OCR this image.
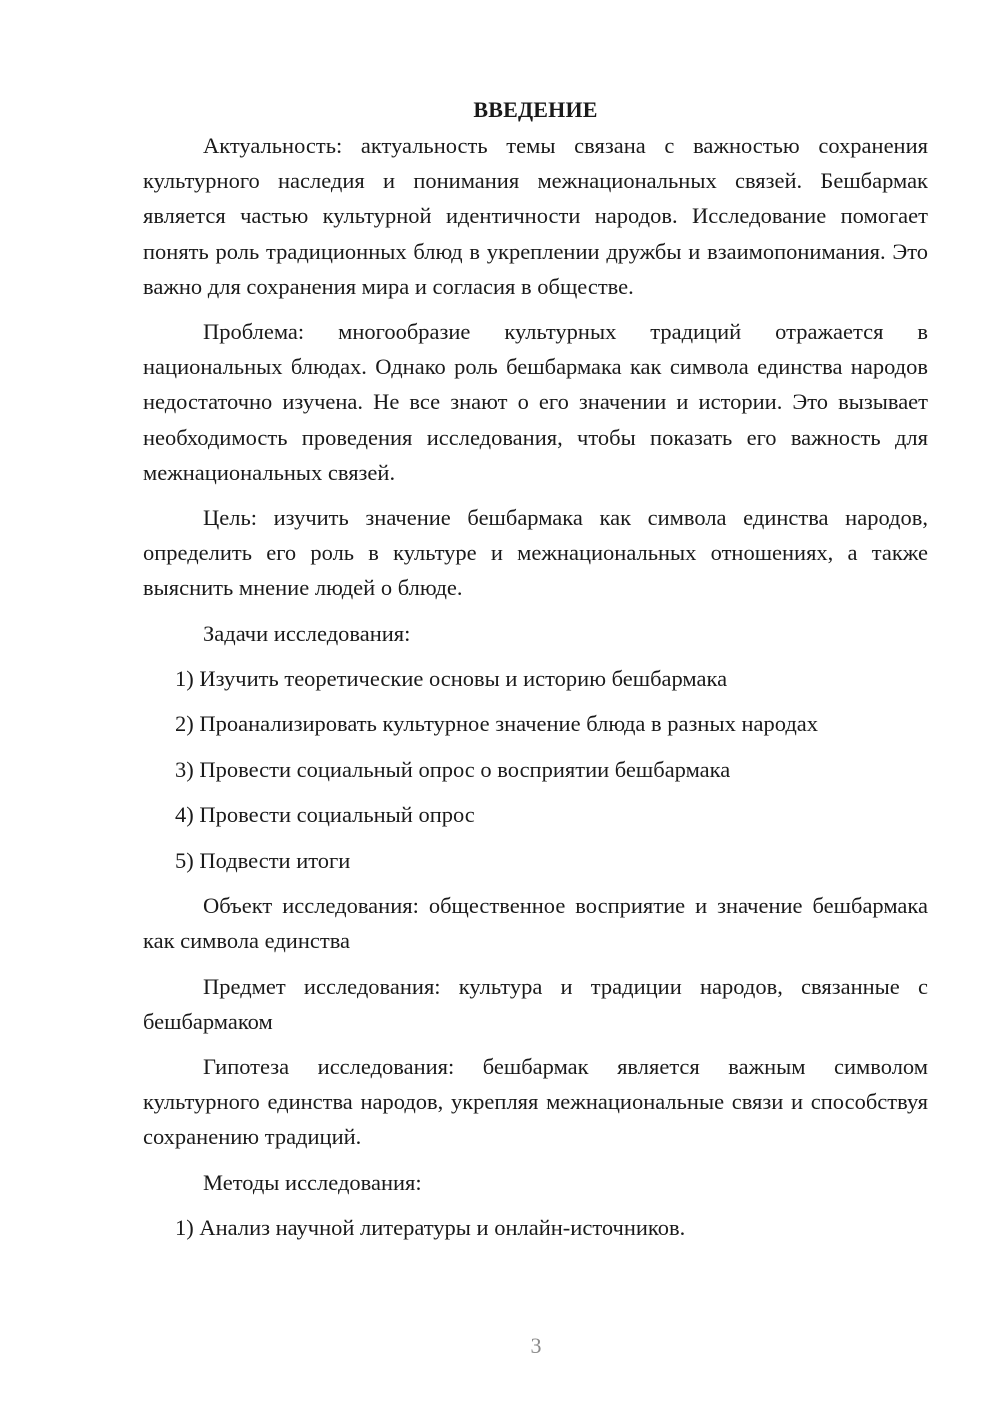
ВВЕДЕНИЕ

Актуальность: актуальность темы связана с важностью сохранения культурного наследия и понимания межнациональных связей. Бешбармак является частью культурной идентичности народов. Исследование помогает понять роль традиционных блюд в укреплении дружбы и взаимопонимания. Это важно для сохранения мира и согласия в обществе.

Проблема: многообразие культурных традиций отражается в национальных блюдах. Однако роль бешбармака как символа единства народов недостаточно изучена. Не все знают о его значении и истории. Это вызывает необходимость проведения исследования, чтобы показать его важность для межнациональных связей.

Цель: изучить значение бешбармака как символа единства народов, определить его роль в культуре и межнациональных отношениях, а также выяснить мнение людей о блюде.

Задачи исследования:
1) Изучить теоретические основы и историю бешбармака
2) Проанализировать культурное значение блюда в разных народах
3) Провести социальный опрос о восприятии бешбармака
4) Провести социальный опрос
5) Подвести итоги

Объект исследования: общественное восприятие и значение бешбармака как символа единства

Предмет исследования: культура и традиции народов, связанные с бешбармаком

Гипотеза исследования: бешбармак является важным символом культурного единства народов, укрепляя межнациональные связи и способствуя сохранению традиций.

Методы исследования:
1) Анализ научной литературы и онлайн-источников.
3
